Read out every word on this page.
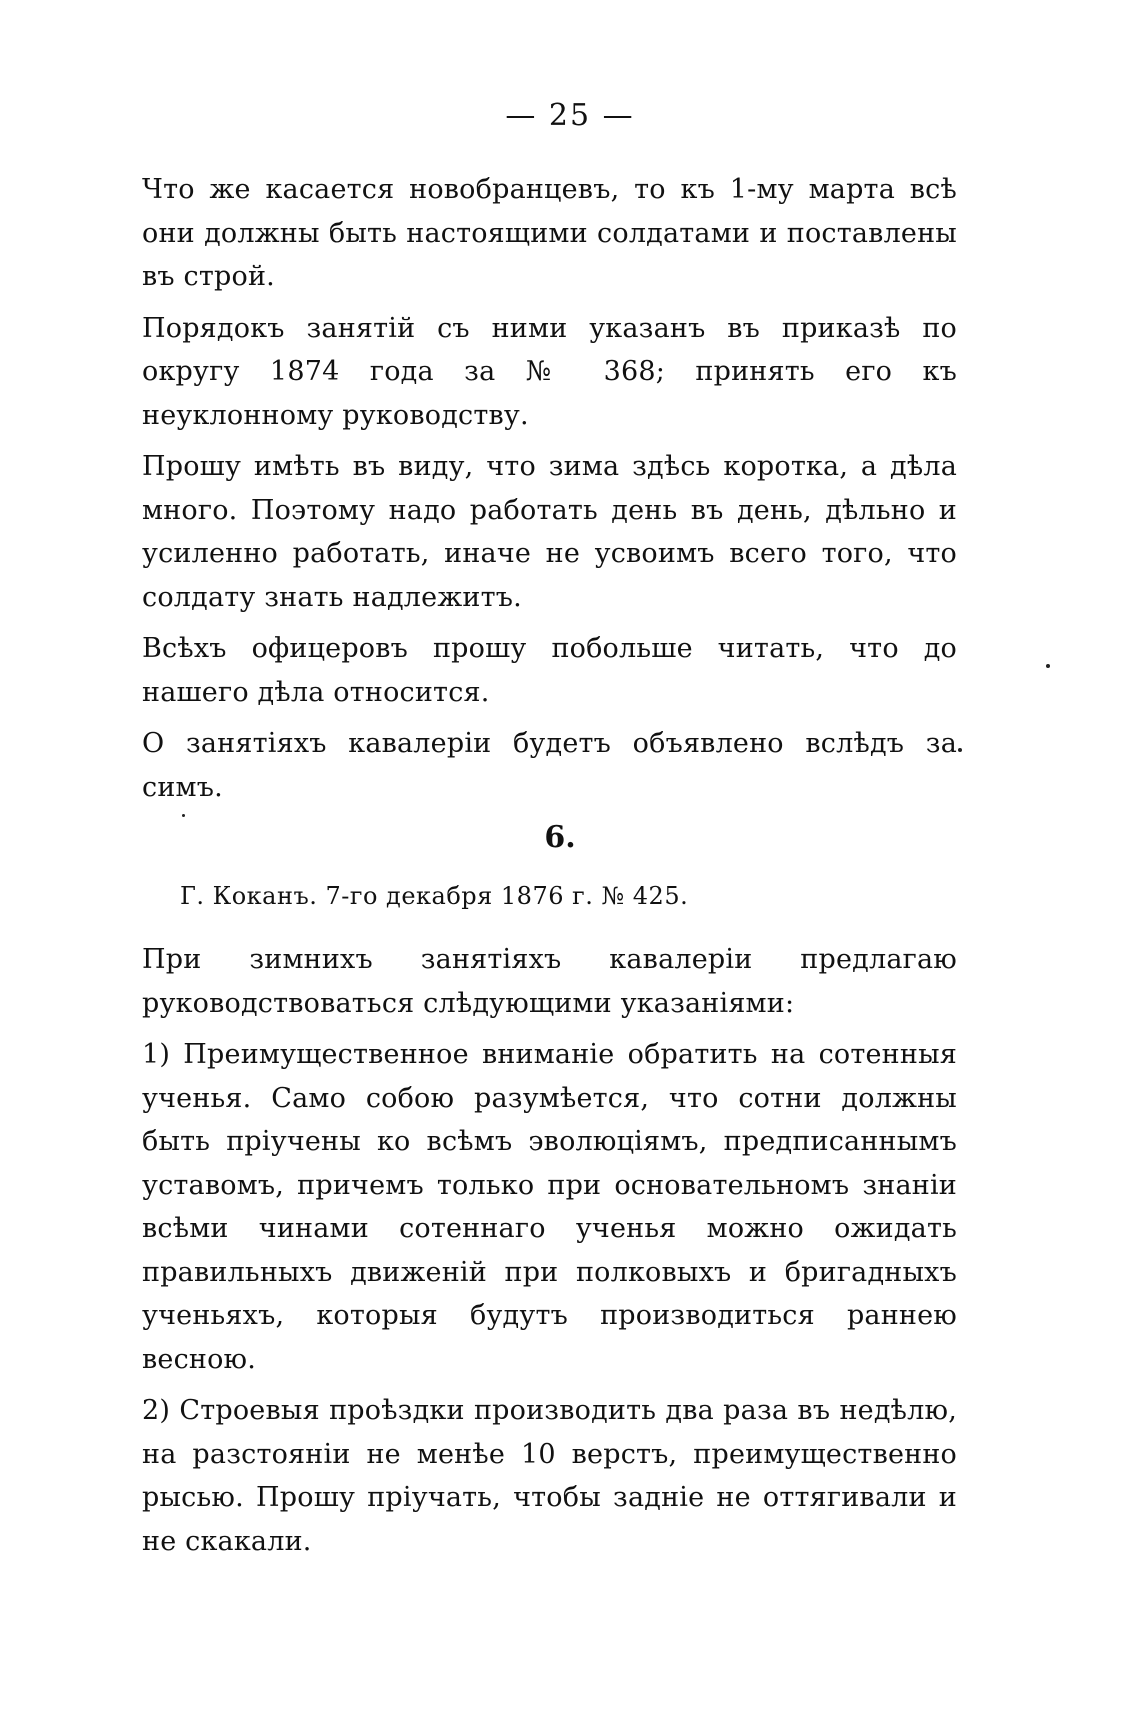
— 25 —

Что же касается новобранцевъ, то къ 1-му марта всѣ они должны быть настоящими солдатами и поставлены въ строй.

Порядокъ занятій съ ними указанъ въ приказѣ по округу 1874 года за № 368; принять его къ неуклонному руководству.

Прошу имѣть въ виду, что зима здѣсь коротка, а дѣла много. Поэтому надо работать день въ день, дѣльно и усиленно работать, иначе не усвоимъ всего того, что солдату знать надлежитъ.

Всѣхъ офицеровъ прошу побольше читать, что до нашего дѣла относится.

О занятіяхъ кавалеріи будетъ объявлено вслѣдъ за симъ.

6.
Г. Коканъ. 7-го декабря 1876 г. № 425.

При зимнихъ занятіяхъ кавалеріи предлагаю руководствоваться слѣдующими указаніями:

1) Преимущественное вниманіе обратить на сотенныя ученья. Само собою разумѣется, что сотни должны быть пріучены ко всѣмъ эволюціямъ, предписаннымъ уставомъ, причемъ только при основательномъ знаніи всѣми чинами сотеннаго ученья можно ожидать правильныхъ движеній при полковыхъ и бригадныхъ ученьяхъ, которыя будутъ производиться раннею весною.

2) Строевыя проѣздки производить два раза въ недѣлю, на разстояніи не менѣе 10 верстъ, преимущественно рысью. Прошу пріучать, чтобы задніе не оттягивали и не скакали.
